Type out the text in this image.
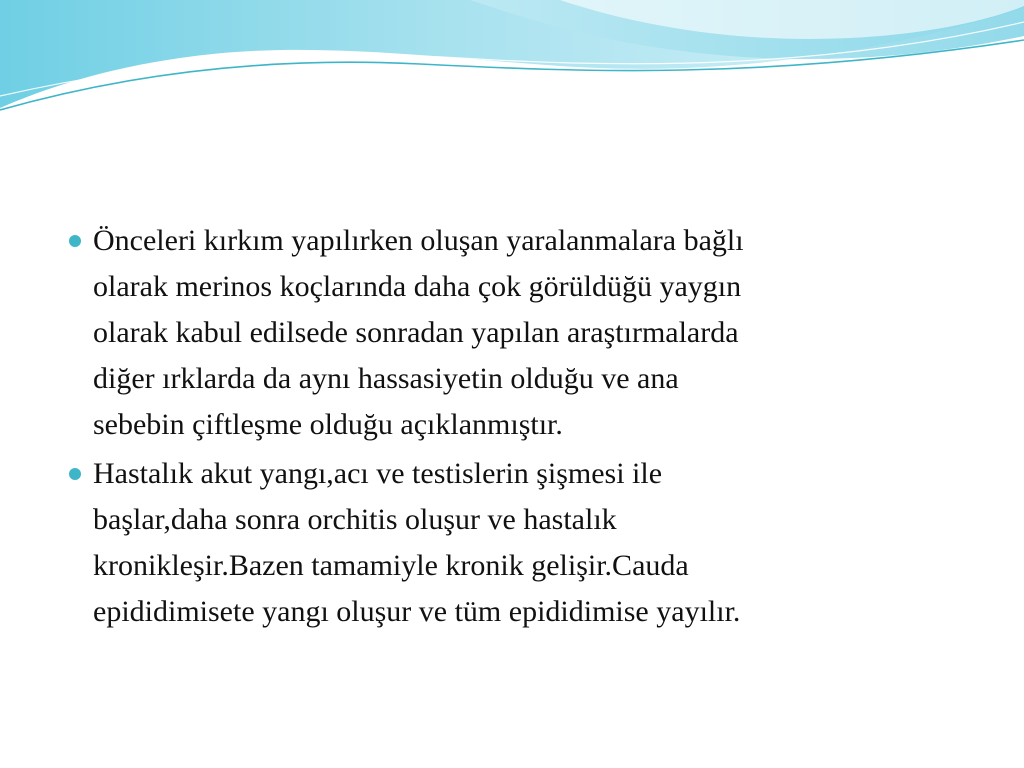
Önceleri kırkım yapılırken oluşan yaralanmalara bağlı
olarak merinos koçlarında daha çok görüldüğü yaygın
olarak kabul edilsede sonradan yapılan araştırmalarda
diğer ırklarda da aynı hassasiyetin olduğu ve ana
sebebin çiftleşme olduğu açıklanmıştır.
Hastalık akut yangı,acı ve testislerin şişmesi ile
başlar,daha sonra orchitis oluşur ve hastalık
kronikleşir.Bazen tamamiyle kronik gelişir.Cauda
epididimisete yangı oluşur ve tüm epididimise yayılır.
